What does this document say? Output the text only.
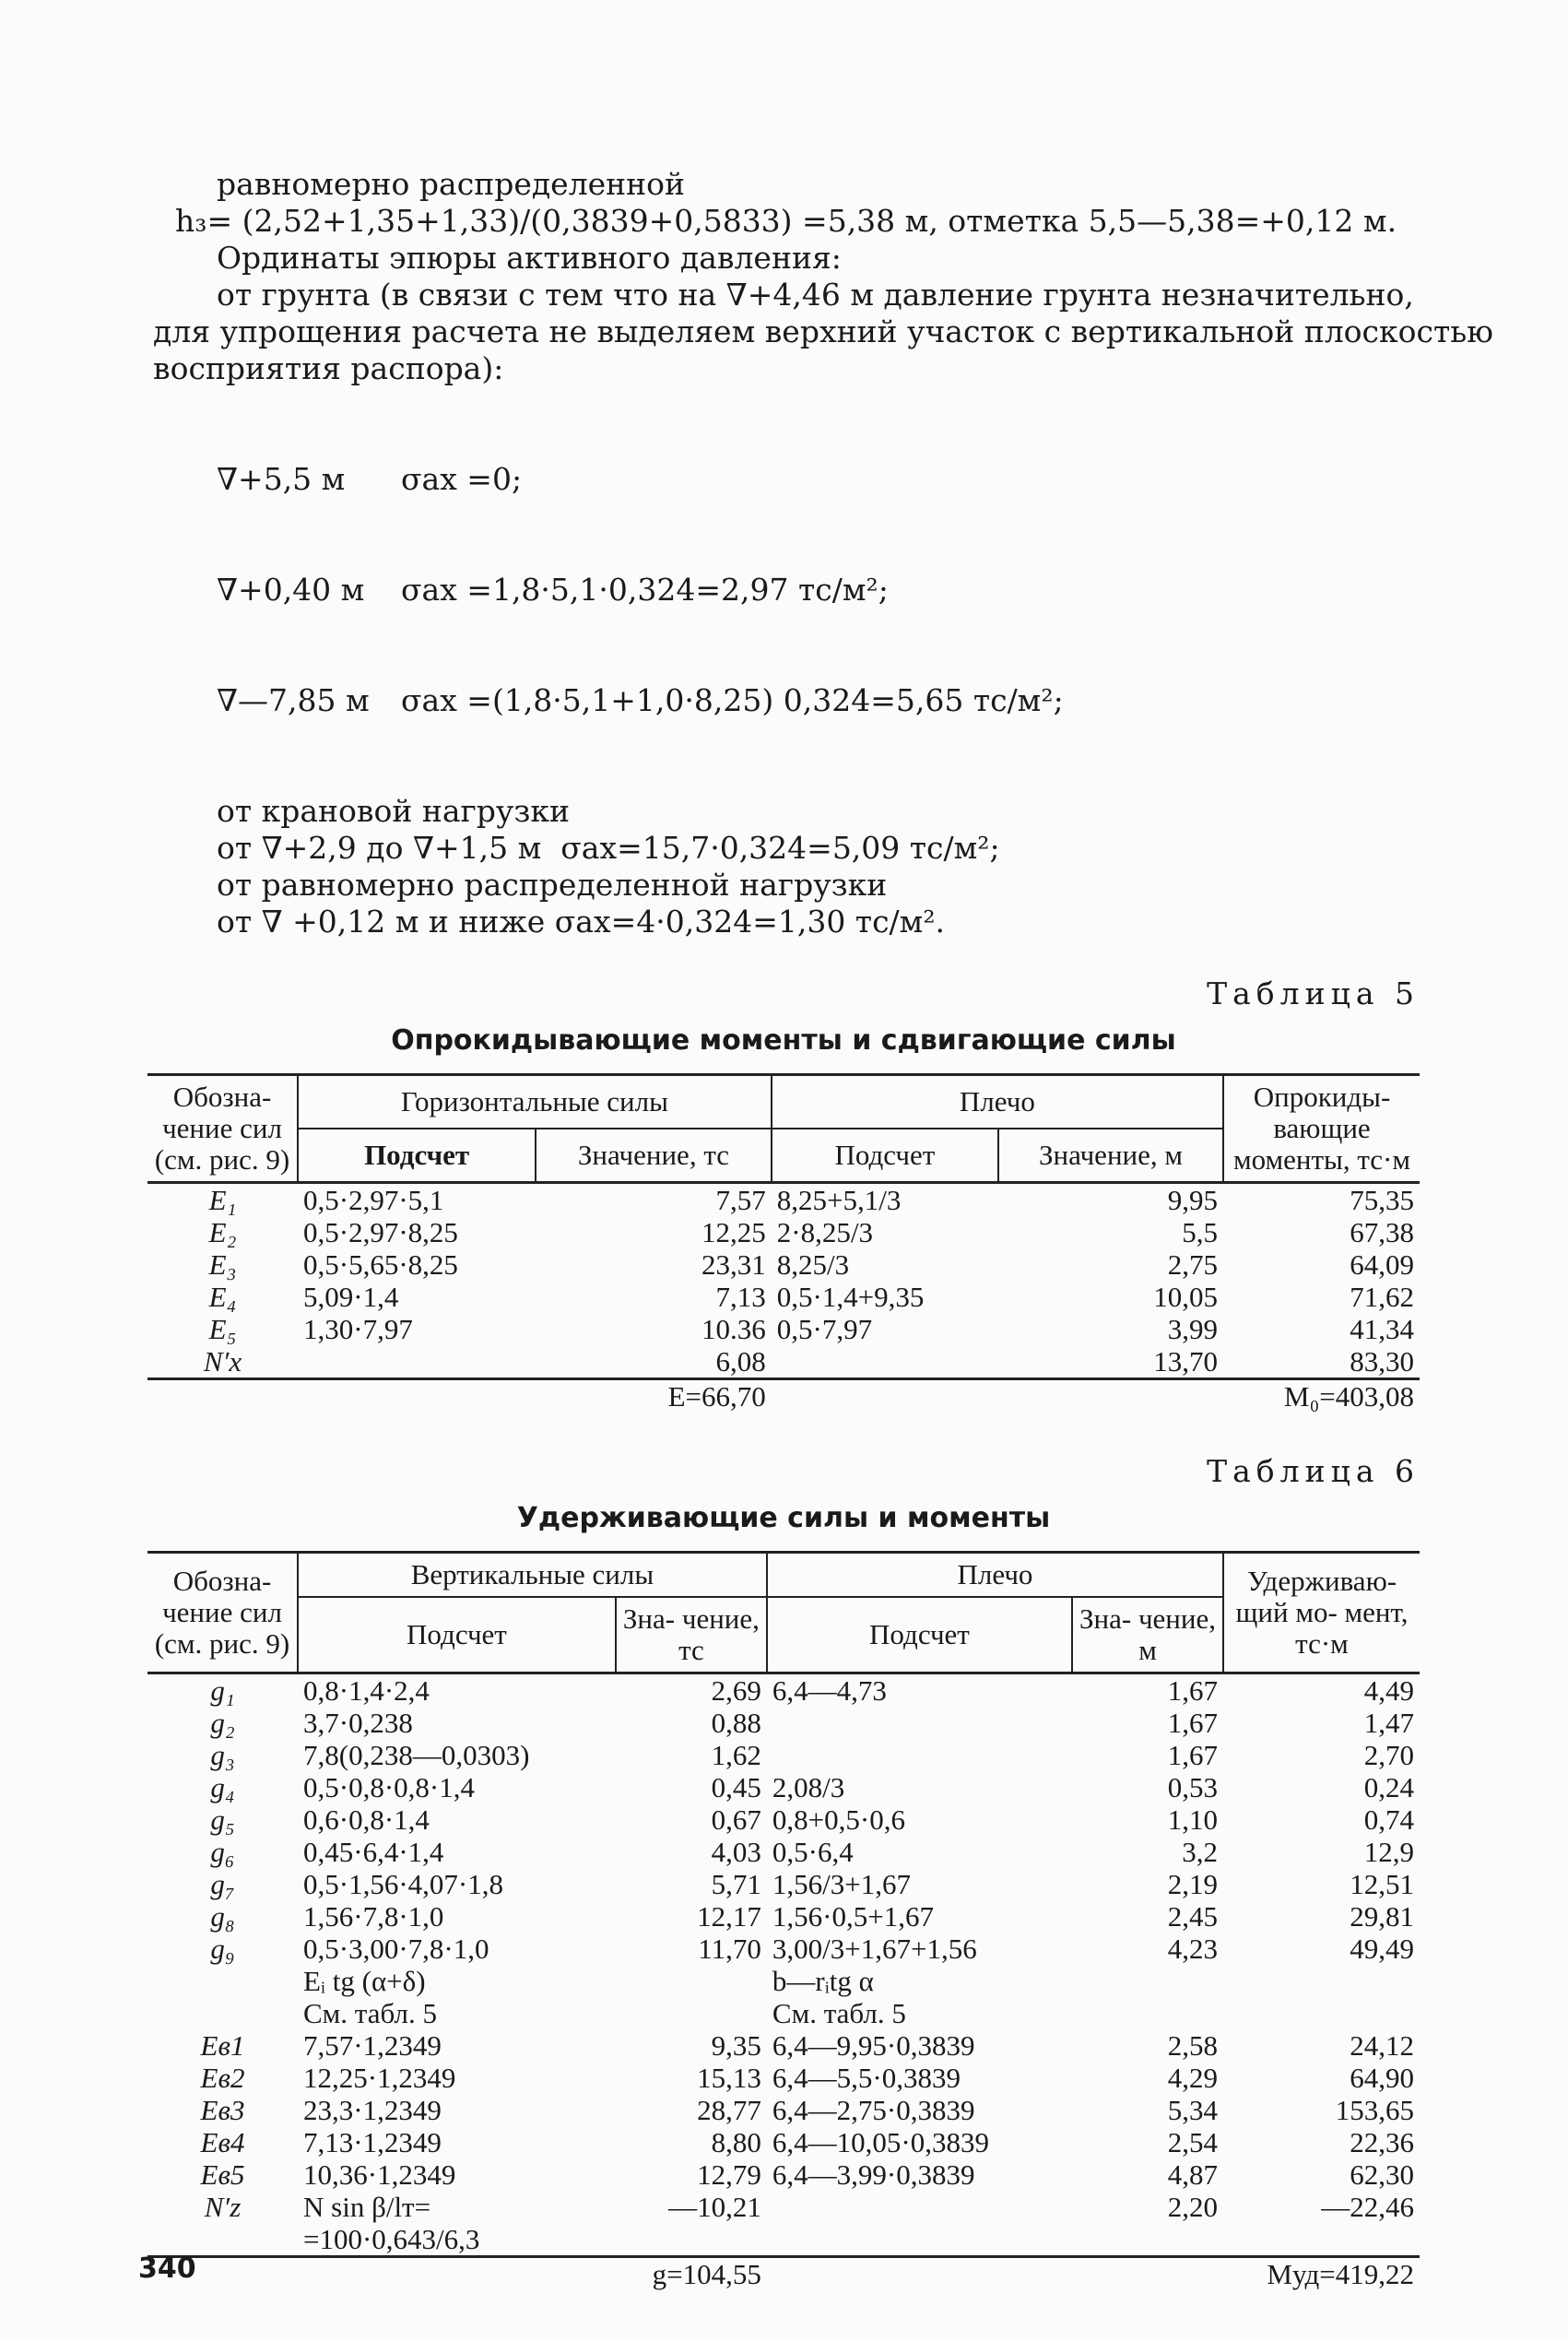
равномерно распределенной
h₃= (2,52+1,35+1,33)/(0,3839+0,5833) =5,38 м, отметка 5,5—5,38=+0,12 м.
Ординаты эпюры активного давления:
от грунта (в связи с тем что на ∇+4,46 м давление грунта незначительно,
для упрощения расчета не выделяем верхний участок с вертикальной плоскостью
восприятия распора):

∇+5,5 м	σax =0;

∇+0,40 м	σax =1,8·5,1·0,324=2,97 тс/м²;

∇—7,85 м	σax =(1,8·5,1+1,0·8,25) 0,324=5,65 тс/м²;

от крановой нагрузки
от ∇+2,9 до ∇+1,5 м  σax=15,7·0,324=5,09 тс/м²;
от равномерно распределенной нагрузки
от ∇ +0,12 м и ниже σax=4·0,324=1,30 тс/м².
Таблица 5
Опрокидывающие моменты и сдвигающие силы
Обозна- чение сил (см. рис. 9)	Горизонтальные силы		Плечо		Опрокиды- вающие моменты, тс·м
	Подсчет	Значение, тс	Подсчет	Значение, м	
E₁	0,5·2,97·5,1	7,57	8,25+5,1/3	9,95	75,35
E₂	0,5·2,97·8,25	12,25	2·8,25/3	5,5	67,38
E₃	0,5·5,65·8,25	23,31	8,25/3	2,75	64,09
E₄	5,09·1,4	7,13	0,5·1,4+9,35	10,05	71,62
E₅	1,30·7,97	10.36	0,5·7,97	3,99	41,34
N′x		6,08		13,70	83,30
		E=66,70			M₀=403,08
Таблица 6
Удерживающие силы и моменты
Обозна- чение сил (см. рис. 9)	Вертикальные силы		Плечо		Удерживаю- щий мо- мент, тс·м
	Подсчет	Зна- чение, тс	Подсчет	Зна- чение, м	
g₁	0,8·1,4·2,4	2,69	6,4—4,73	1,67	4,49
g₂	3,7·0,238	0,88		1,67	1,47
g₃	7,8(0,238—0,0303)	1,62		1,67	2,70
g₄	0,5·0,8·0,8·1,4	0,45	2,08/3	0,53	0,24
g₅	0,6·0,8·1,4	0,67	0,8+0,5·0,6	1,10	0,74
g₆	0,45·6,4·1,4	4,03	0,5·6,4	3,2	12,9
g₇	0,5·1,56·4,07·1,8	5,71	1,56/3+1,67	2,19	12,51
g₈	1,56·7,8·1,0	12,17	1,56·0,5+1,67	2,45	29,81
g₉	0,5·3,00·7,8·1,0	11,70	3,00/3+1,67+1,56	4,23	49,49
	Eᵢ tg (α+δ)		b—rᵢtg α		
	См. табл. 5		См. табл. 5		
Eв1	7,57·1,2349	9,35	6,4—9,95·0,3839	2,58	24,12
Eв2	12,25·1,2349	15,13	6,4—5,5·0,3839	4,29	64,90
Eв3	23,3·1,2349	28,77	6,4—2,75·0,3839	5,34	153,65
Eв4	7,13·1,2349	8,80	6,4—10,05·0,3839	2,54	22,36
Eв5	10,36·1,2349	12,79	6,4—3,99·0,3839	4,87	62,30
N′z	N sin β/lт=	—10,21		2,20	—22,46
	=100·0,643/6,3				
		g=104,55			Mуд=419,22
340
